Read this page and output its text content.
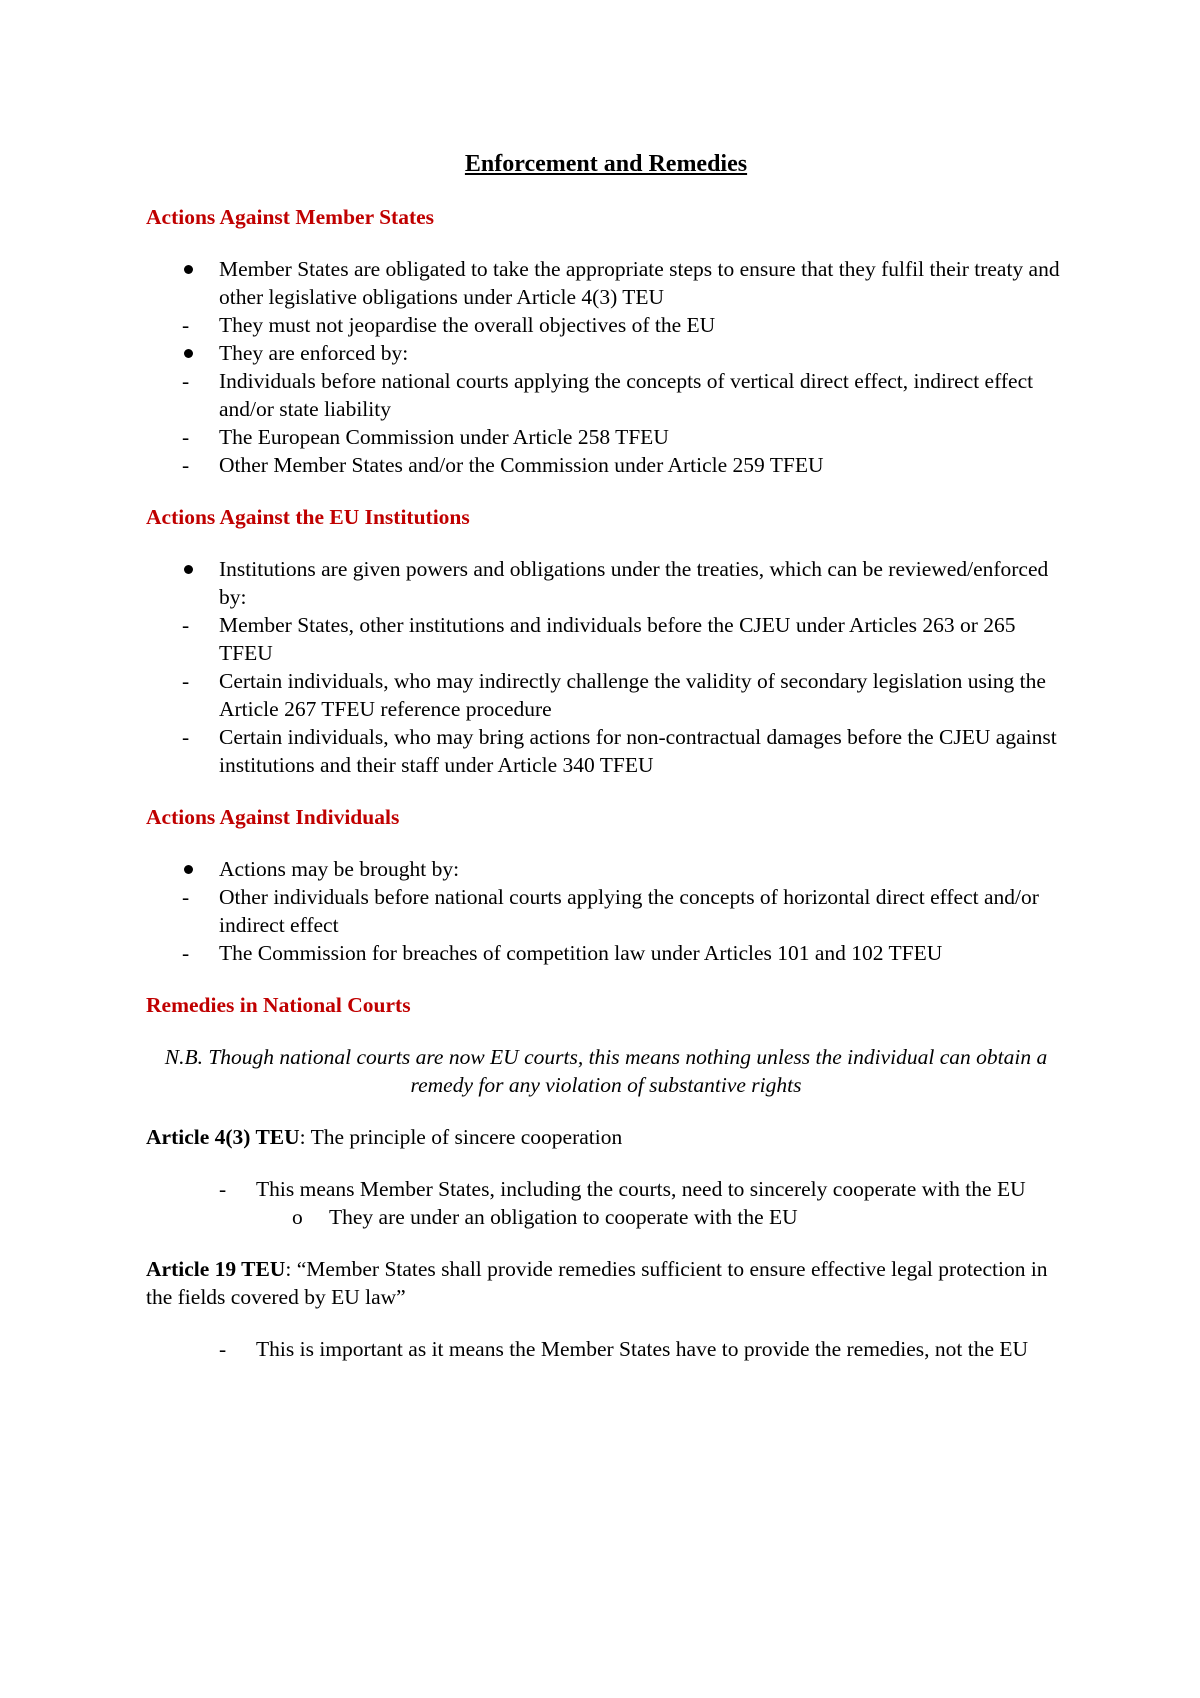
Enforcement and Remedies
Actions Against Member States
Member States are obligated to take the appropriate steps to ensure that they fulfil their treaty and other legislative obligations under Article 4(3) TEU
- They must not jeopardise the overall objectives of the EU
They are enforced by:
- Individuals before national courts applying the concepts of vertical direct effect, indirect effect and/or state liability
- The European Commission under Article 258 TFEU
- Other Member States and/or the Commission under Article 259 TFEU
Actions Against the EU Institutions
Institutions are given powers and obligations under the treaties, which can be reviewed/enforced by:
- Member States, other institutions and individuals before the CJEU under Articles 263 or 265 TFEU
- Certain individuals, who may indirectly challenge the validity of secondary legislation using the Article 267 TFEU reference procedure
- Certain individuals, who may bring actions for non-contractual damages before the CJEU against institutions and their staff under Article 340 TFEU
Actions Against Individuals
Actions may be brought by:
- Other individuals before national courts applying the concepts of horizontal direct effect and/or indirect effect
- The Commission for breaches of competition law under Articles 101 and 102 TFEU
Remedies in National Courts

N.B. Though national courts are now EU courts, this means nothing unless the individual can obtain a remedy for any violation of substantive rights

Article 4(3) TEU: The principle of sincere cooperation

- This means Member States, including the courts, need to sincerely cooperate with the EU
o They are under an obligation to cooperate with the EU

Article 19 TEU: “Member States shall provide remedies sufficient to ensure effective legal protection in the fields covered by EU law”

- This is important as it means the Member States have to provide the remedies, not the EU
